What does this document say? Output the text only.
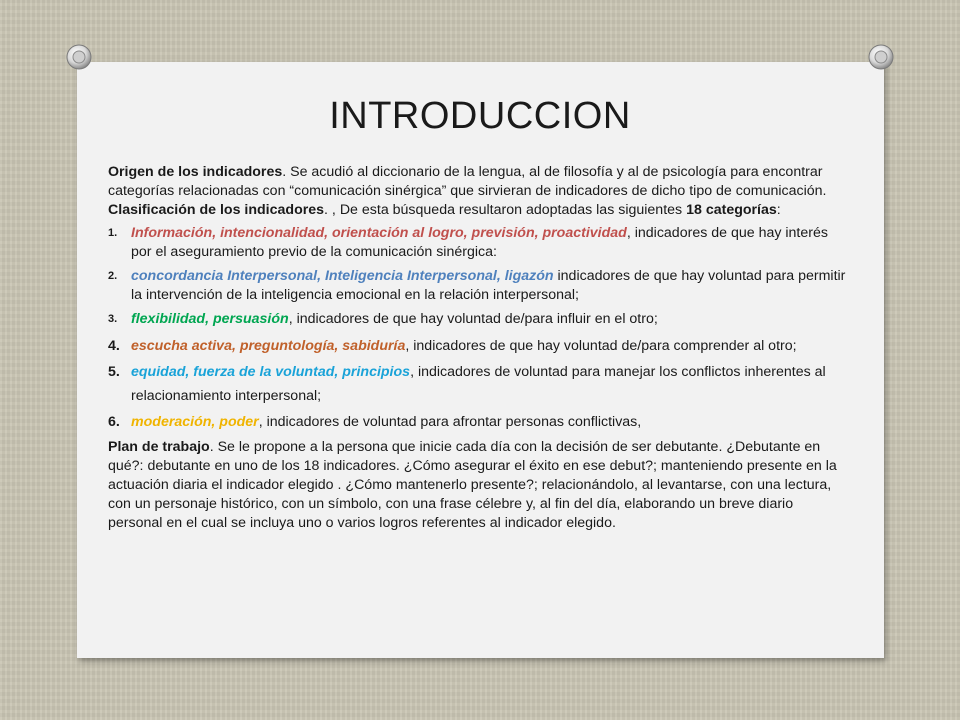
INTRODUCCION

Origen de los indicadores. Se acudió al diccionario de la lengua, al de filosofía y al de psicología para encontrar categorías relacionadas con “comunicación sinérgica” que sirvieran de indicadores de dicho tipo de comunicación.

Clasificación de los indicadores. , De esta búsqueda resultaron adoptadas las siguientes 18 categorías:

1. Información, intencionalidad, orientación al logro, previsión, proactividad, indicadores de que hay interés por el aseguramiento previo de la comunicación sinérgica:
2. concordancia Interpersonal, Inteligencia Interpersonal, ligazón indicadores de que hay voluntad para permitir la intervención de la inteligencia emocional en la relación interpersonal;
3. flexibilidad, persuasión, indicadores de que hay voluntad de/para influir en el otro;
4. escucha activa, preguntología, sabiduría, indicadores de que hay voluntad de/para comprender al otro;
5. equidad, fuerza de la voluntad, principios, indicadores de voluntad para manejar los conflictos inherentes al relacionamiento interpersonal;
6. moderación, poder, indicadores de voluntad para afrontar personas conflictivas,

Plan de trabajo. Se le propone a la persona que inicie cada día con la decisión de ser debutante. ¿Debutante en qué?: debutante en uno de los 18 indicadores. ¿Cómo asegurar el éxito en ese debut?; manteniendo presente en la actuación diaria el indicador elegido . ¿Cómo mantenerlo presente?; relacionándolo, al levantarse, con una lectura, con un personaje histórico, con un símbolo, con una frase célebre y, al fin del día, elaborando un breve diario personal en el cual se incluya uno o varios logros referentes al indicador elegido.
